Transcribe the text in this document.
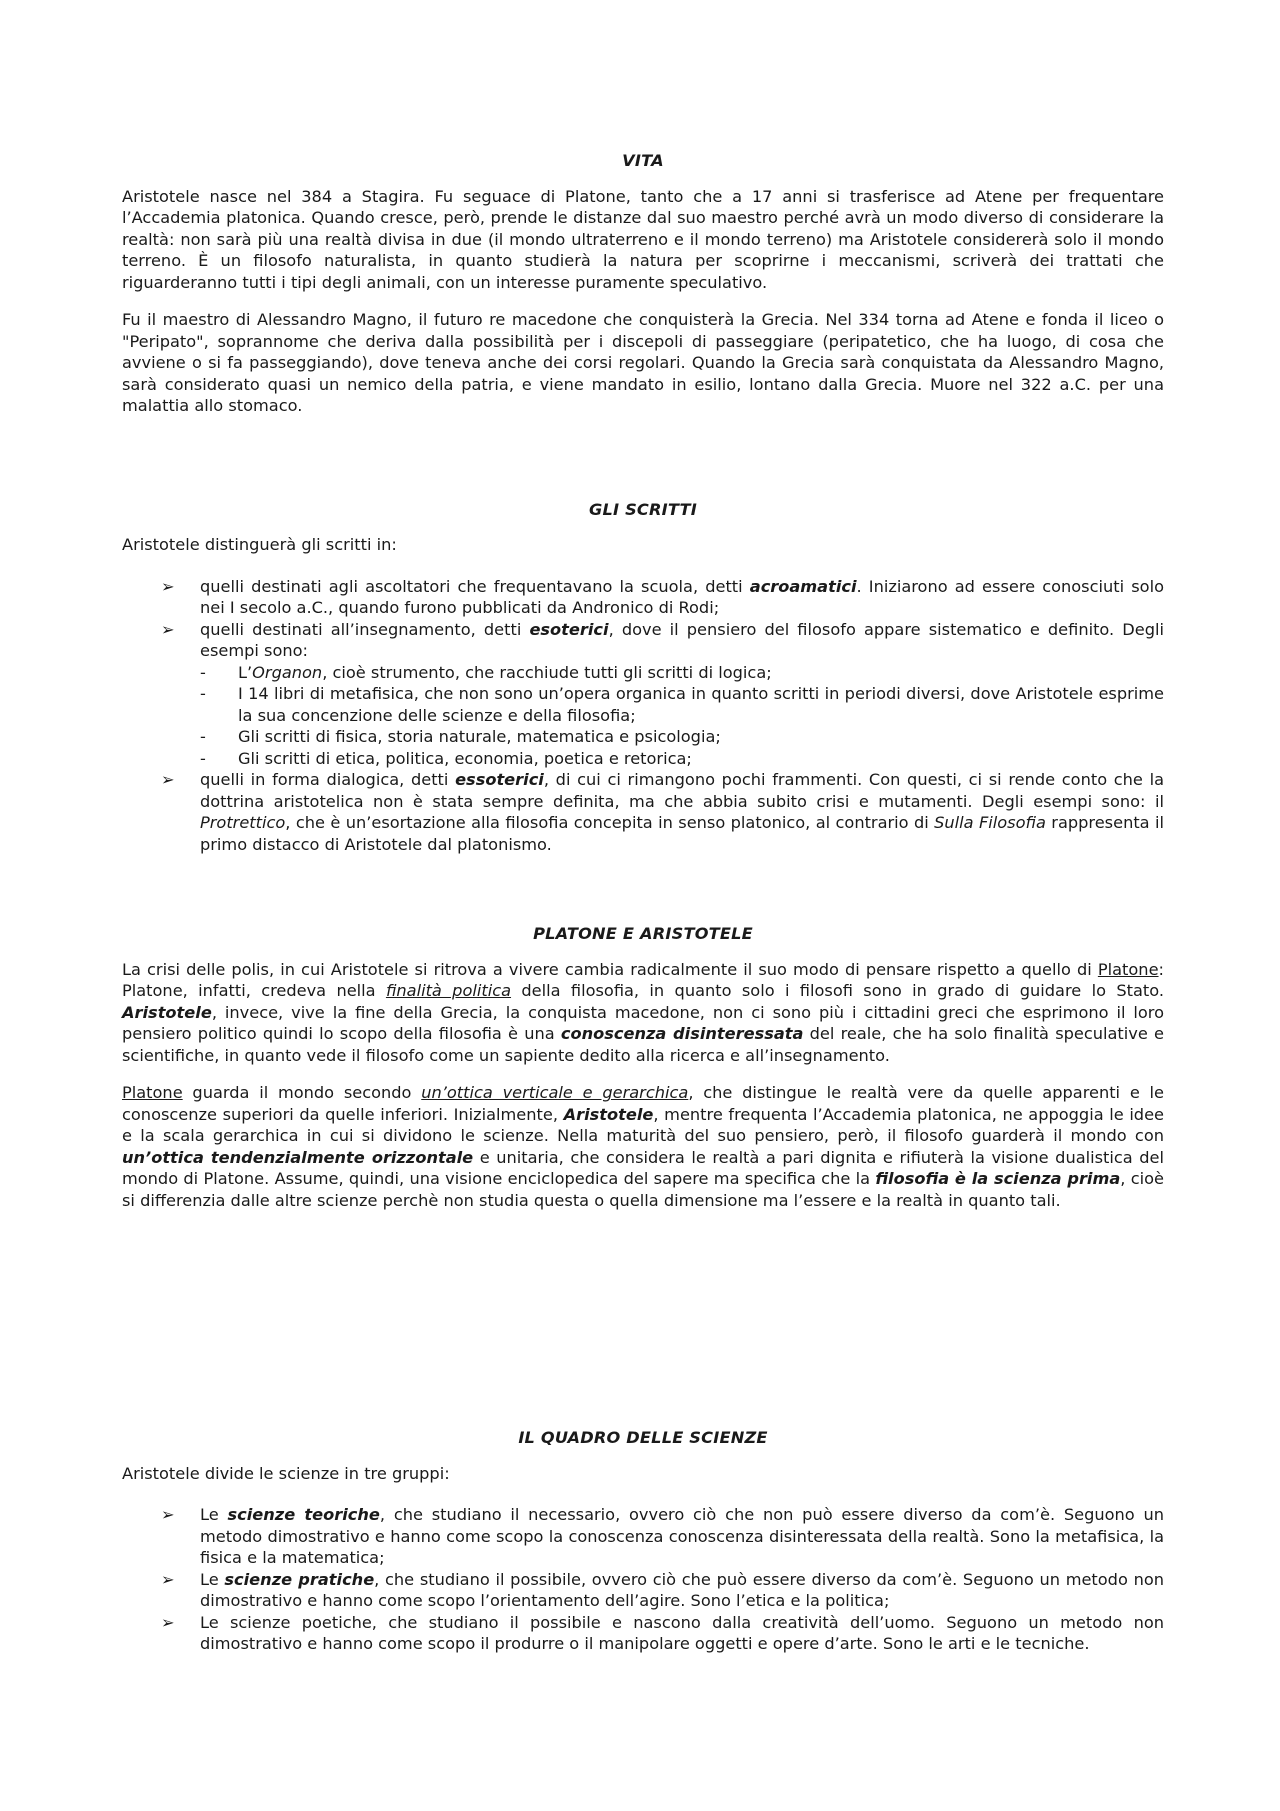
VITA

Aristotele nasce nel 384 a Stagira. Fu seguace di Platone, tanto che a 17 anni si trasferisce ad Atene per frequentare l’Accademia platonica. Quando cresce, però, prende le distanze dal suo maestro perché avrà un modo diverso di considerare la realtà: non sarà più una realtà divisa in due (il mondo ultraterreno e il mondo terreno) ma Aristotele considererà solo il mondo terreno. È un filosofo naturalista, in quanto studierà la natura per scoprirne i meccanismi, scriverà dei trattati che riguarderanno tutti i tipi degli animali, con un interesse puramente speculativo.

Fu il maestro di Alessandro Magno, il futuro re macedone che conquisterà la Grecia. Nel 334 torna ad Atene e fonda il liceo o "Peripato", soprannome che deriva dalla possibilità per i discepoli di passeggiare (peripatetico, che ha luogo, di cosa che avviene o si fa passeggiando), dove teneva anche dei corsi regolari. Quando la Grecia sarà conquistata da Alessandro Magno, sarà considerato quasi un nemico della patria, e viene mandato in esilio, lontano dalla Grecia. Muore nel 322 a.C. per una malattia allo stomaco.

GLI SCRITTI

Aristotele distinguerà gli scritti in:

➢ quelli destinati agli ascoltatori che frequentavano la scuola, detti acroamatici. Iniziarono ad essere conosciuti solo nei I secolo a.C., quando furono pubblicati da Andronico di Rodi;
➢ quelli destinati all’insegnamento, detti esoterici, dove il pensiero del filosofo appare sistematico e definito. Degli esempi sono:
- L’Organon, cioè strumento, che racchiude tutti gli scritti di logica;
- I 14 libri di metafisica, che non sono un’opera organica in quanto scritti in periodi diversi, dove Aristotele esprime la sua concenzione delle scienze e della filosofia;
- Gli scritti di fisica, storia naturale, matematica e psicologia;
- Gli scritti di etica, politica, economia, poetica e retorica;
➢ quelli in forma dialogica, detti essoterici, di cui ci rimangono pochi frammenti. Con questi, ci si rende conto che la dottrina aristotelica non è stata sempre definita, ma che abbia subito crisi e mutamenti. Degli esempi sono: il Protrettico, che è un’esortazione alla filosofia concepita in senso platonico, al contrario di Sulla Filosofia rappresenta il primo distacco di Aristotele dal platonismo.
PLATONE E ARISTOTELE

La crisi delle polis, in cui Aristotele si ritrova a vivere cambia radicalmente il suo modo di pensare rispetto a quello di Platone: Platone, infatti, credeva nella finalità politica della filosofia, in quanto solo i filosofi sono in grado di guidare lo Stato. Aristotele, invece, vive la fine della Grecia, la conquista macedone, non ci sono più i cittadini greci che esprimono il loro pensiero politico quindi lo scopo della filosofia è una conoscenza disinteressata del reale, che ha solo finalità speculative e scientifiche, in quanto vede il filosofo come un sapiente dedito alla ricerca e all’insegnamento.

Platone guarda il mondo secondo un’ottica verticale e gerarchica, che distingue le realtà vere da quelle apparenti e le conoscenze superiori da quelle inferiori. Inizialmente, Aristotele, mentre frequenta l’Accademia platonica, ne appoggia le idee e la scala gerarchica in cui si dividono le scienze. Nella maturità del suo pensiero, però, il filosofo guarderà il mondo con un’ottica tendenzialmente orizzontale e unitaria, che considera le realtà a pari dignita e rifiuterà la visione dualistica del mondo di Platone. Assume, quindi, una visione enciclopedica del sapere ma specifica che la filosofia è la scienza prima, cioè si differenzia dalle altre scienze perchè non studia questa o quella dimensione ma l’essere e la realtà in quanto tali.

IL QUADRO DELLE SCIENZE

Aristotele divide le scienze in tre gruppi:

➢ Le scienze teoriche, che studiano il necessario, ovvero ciò che non può essere diverso da com’è. Seguono un metodo dimostrativo e hanno come scopo la conoscenza conoscenza disinteressata della realtà. Sono la metafisica, la fisica e la matematica;
➢ Le scienze pratiche, che studiano il possibile, ovvero ciò che può essere diverso da com’è. Seguono un metodo non dimostrativo e hanno come scopo l’orientamento dell’agire. Sono l’etica e la politica;
➢ Le scienze poetiche, che studiano il possibile e nascono dalla creatività dell’uomo. Seguono un metodo non dimostrativo e hanno come scopo il produrre o il manipolare oggetti e opere d’arte. Sono le arti e le tecniche.
